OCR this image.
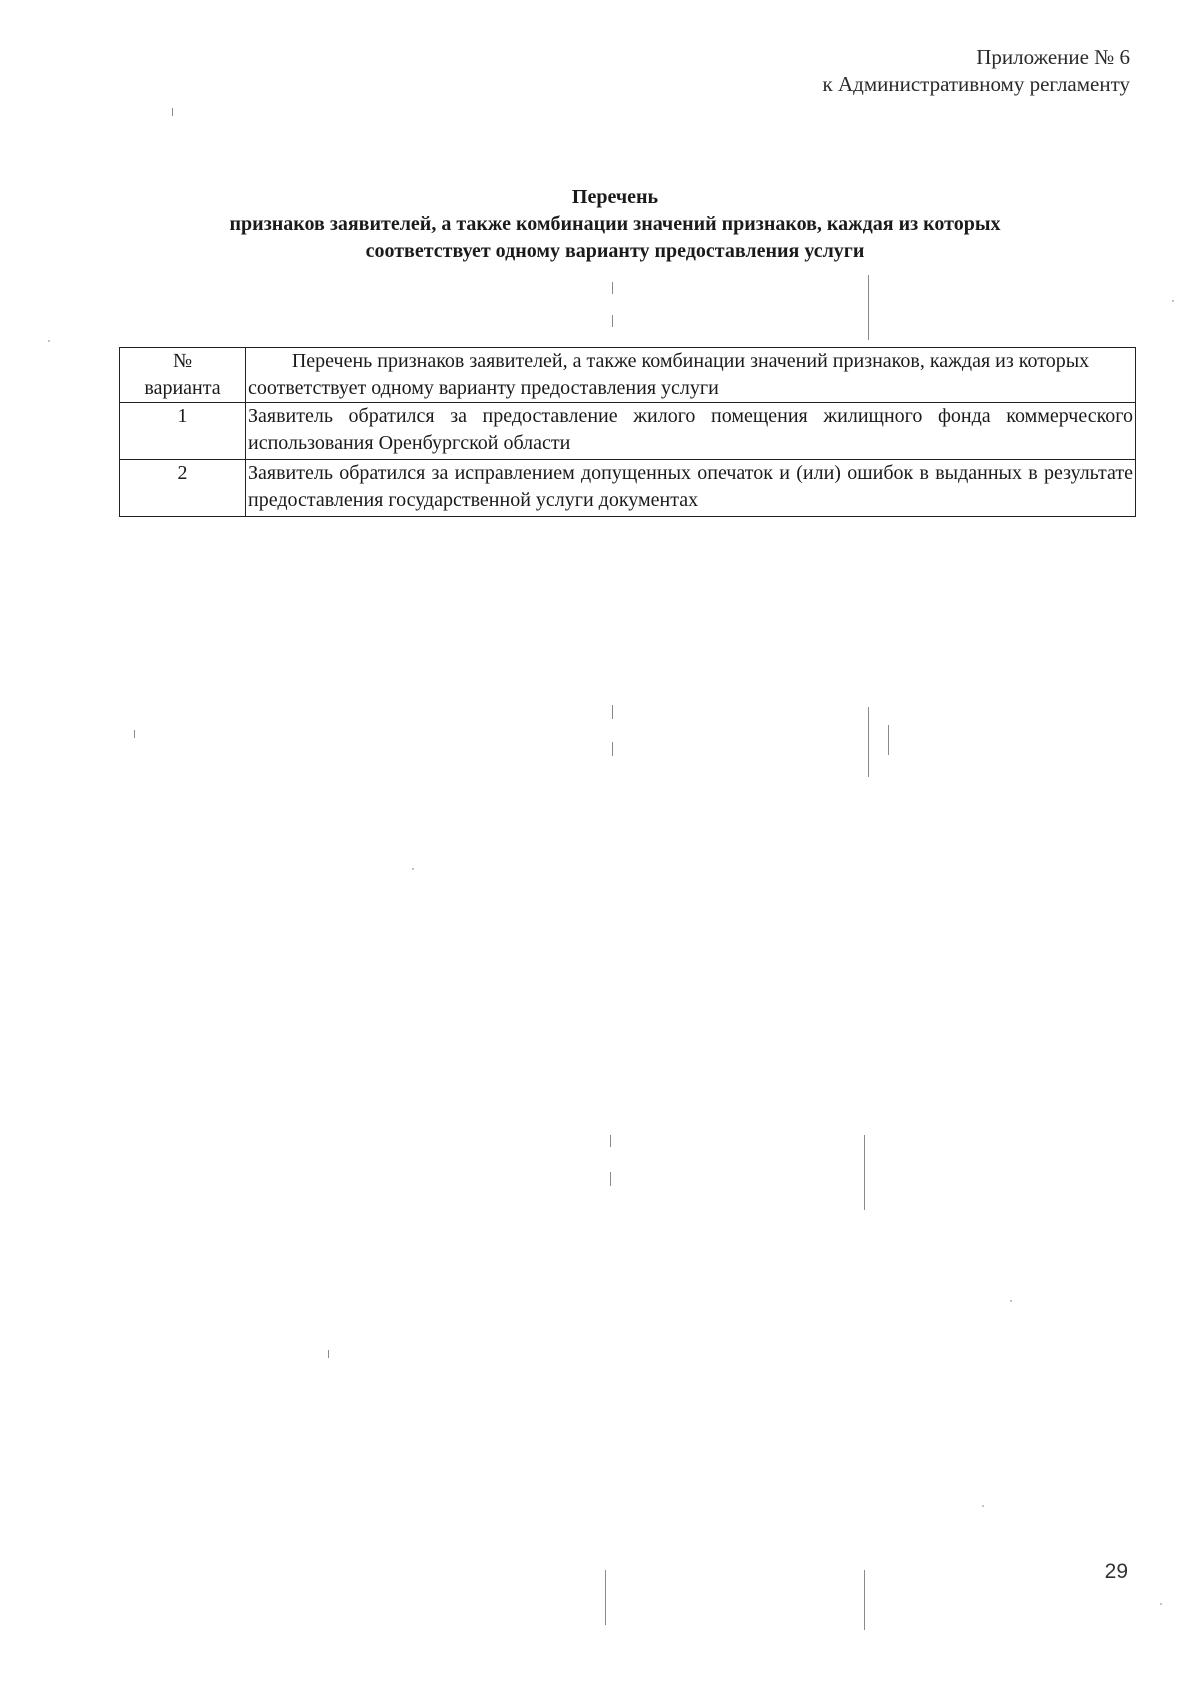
Приложение № 6
к Административному регламенту
Перечень
признаков заявителей, а также комбинации значений признаков, каждая из которых
соответствует одному варианту предоставления услуги
№
варианта	Перечень признаков заявителей, а также комбинации значений признаков, каждая из которых соответствует одному варианту предоставления услуги
1	Заявитель обратился за предоставление жилого помещения жилищного фонда коммерческого использования Оренбургской области
2	Заявитель обратился за исправлением допущенных опечаток и (или) ошибок в выданных в результате предоставления государственной услуги документах
29
